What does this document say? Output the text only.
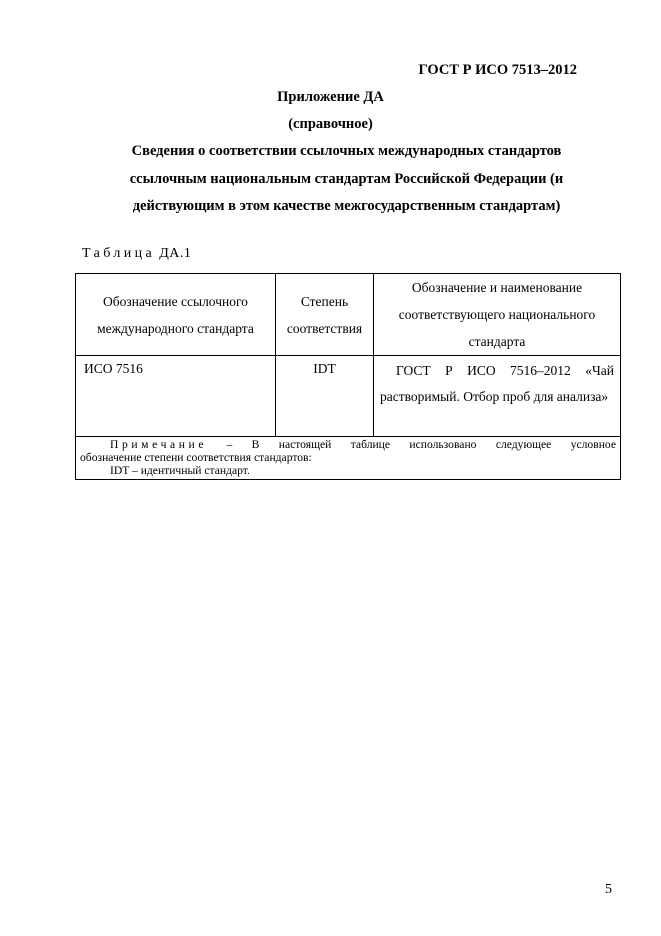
ГОСТ Р ИСО 7513–2012
Приложение ДА
(справочное)
Сведения о соответствии ссылочных международных стандартов
ссылочным национальным стандартам Российской Федерации (и
действующим в этом качестве межгосударственным стандартам)
Таблица ДА.1
Обозначение ссылочного международного стандарта	Степень соответствия	Обозначение и наименование соответствующего национального стандарта
ИСО 7516	IDT	ГОСТ Р ИСО 7516–2012 «Чай растворимый. Отбор проб для анализа»

Примечание – В настоящей таблице использовано следующее условное
обозначение степени соответствия стандартов:
IDT – идентичный стандарт.		
5
